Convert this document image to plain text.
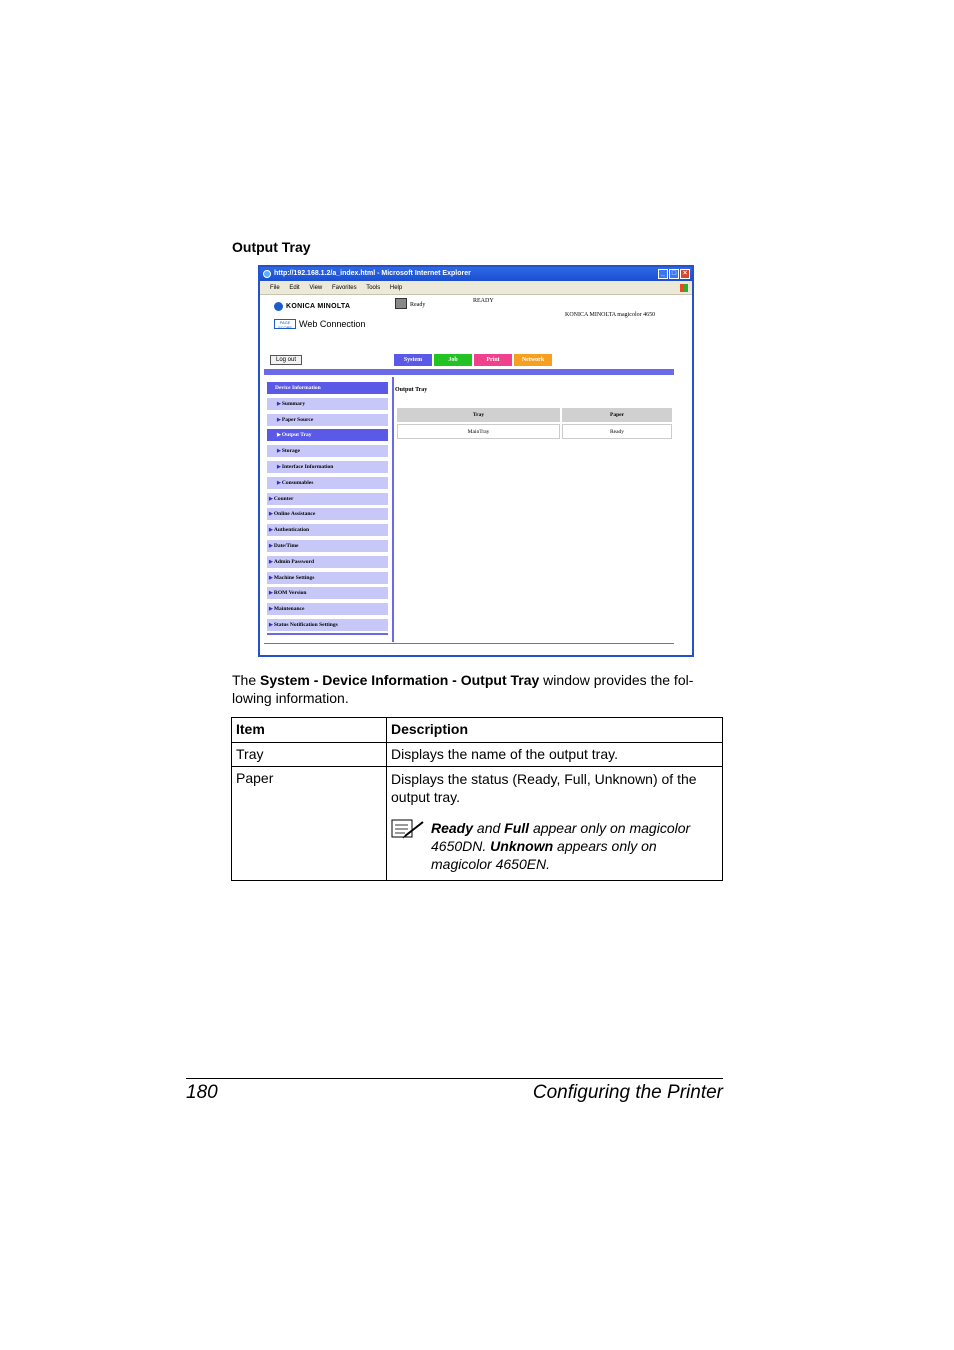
Output Tray
http://192.168.1.2/a_index.html - Microsoft Internet Explorer	_ □ ×
File Edit View Favorites Tools Help
KONICA MINOLTA
PAGE SCOPE Web Connection
Ready
READY
KONICA MINOLTA magicolor 4650
Log out	System	Job	Print	Network
Device Information
▶Summary
▶Paper Source
▶Output Tray
▶Storage
▶Interface Information
▶Consumables
▶Counter
▶Online Assistance
▶Authentication
▶Date/Time
▶Admin Password
▶Machine Settings
▶ROM Version
▶Maintenance
▶Status Notification Settings
Output Tray
Tray	Paper
MainTray	Ready
The System - Device Information - Output Tray window provides the fol-lowing information.
Item	Description
Tray	Displays the name of the output tray.
Paper	Displays the status (Ready, Full, Unknown) of the output tray.
Ready and Full appear only on magicolor 4650DN. Unknown appears only on magicolor 4650EN.
180	Configuring the Printer
